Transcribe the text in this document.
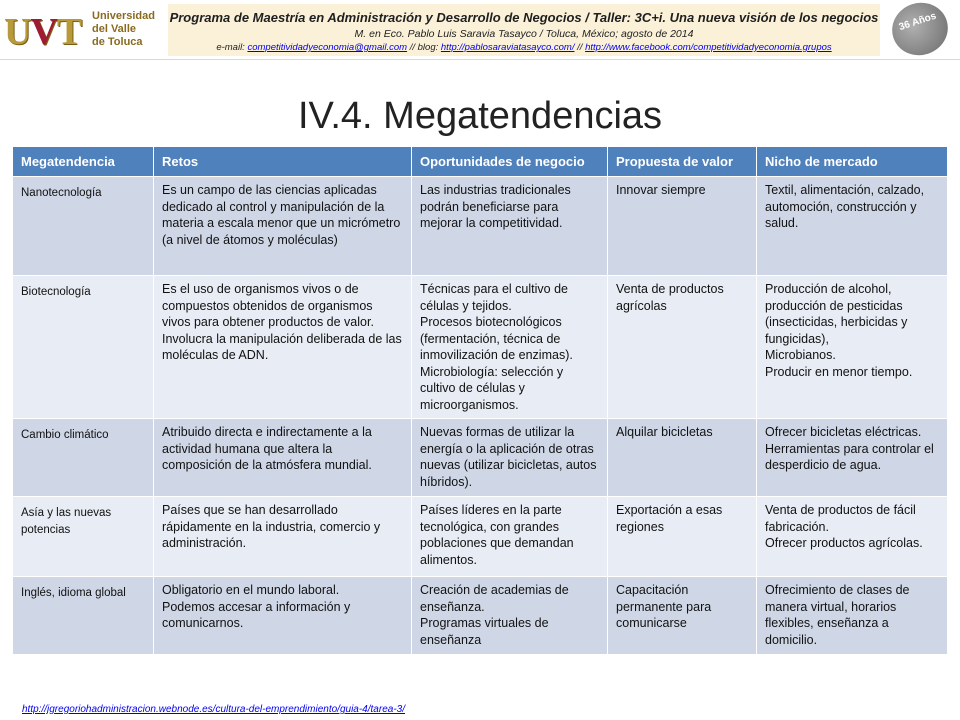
UVT Universidad
del Valle
de Toluca
Programa de Maestría en Administración y Desarrollo de Negocios / Taller: 3C+i. Una nueva visión de los negocios
M. en Eco. Pablo Luis Saravia Tasayco / Toluca, México; agosto de 2014
e-mail: competitividadyeconomia@gmail.com // blog: http://pablosaraviatasayco.com/ // http://www.facebook.com/competitividadyeconomia.grupos
36 Años
IV.4. Megatendencias
Megatendencia	Retos	Oportunidades de negocio	Propuesta de valor	Nicho de mercado
Nanotecnología	Es un campo de las ciencias aplicadas dedicado al control y manipulación de la materia a escala menor que un micrómetro (a nivel de átomos y moléculas)	Las industrias tradicionales podrán beneficiarse para mejorar la competitividad.	Innovar siempre	Textil, alimentación, calzado, automoción, construcción y salud.
Biotecnología	Es el uso de organismos vivos o de compuestos obtenidos de organismos vivos para obtener productos de valor. Involucra la manipulación deliberada de las moléculas de ADN.	Técnicas para el cultivo de células y tejidos.
Procesos biotecnológicos (fermentación, técnica de inmovilización de enzimas).
Microbiología: selección y cultivo de células y microorganismos.	Venta de productos agrícolas	Producción de alcohol, producción de pesticidas (insecticidas, herbicidas y fungicidas),
Microbianos.
Producir en menor tiempo.
Cambio climático	Atribuido directa e indirectamente a la actividad humana que altera la composición de la atmósfera mundial.	Nuevas formas de utilizar la energía o la aplicación de otras nuevas (utilizar bicicletas, autos híbridos).	Alquilar bicicletas	Ofrecer bicicletas eléctricas.
Herramientas para controlar el desperdicio de agua.
Asía y las nuevas potencias	Países que se han desarrollado rápidamente en la industria, comercio y administración.	Países líderes en la parte tecnológica, con grandes poblaciones que demandan alimentos.	Exportación a esas regiones	Venta de productos de fácil fabricación.
Ofrecer productos agrícolas.
Inglés, idioma global	Obligatorio en el mundo laboral.
Podemos accesar a información y comunicarnos.	Creación de academias de enseñanza.
Programas virtuales de enseñanza	Capacitación permanente para comunicarse	Ofrecimiento de clases de manera virtual, horarios flexibles, enseñanza a domicilio.
http://jgregoriohadministracion.webnode.es/cultura-del-emprendimiento/guia-4/tarea-3/
